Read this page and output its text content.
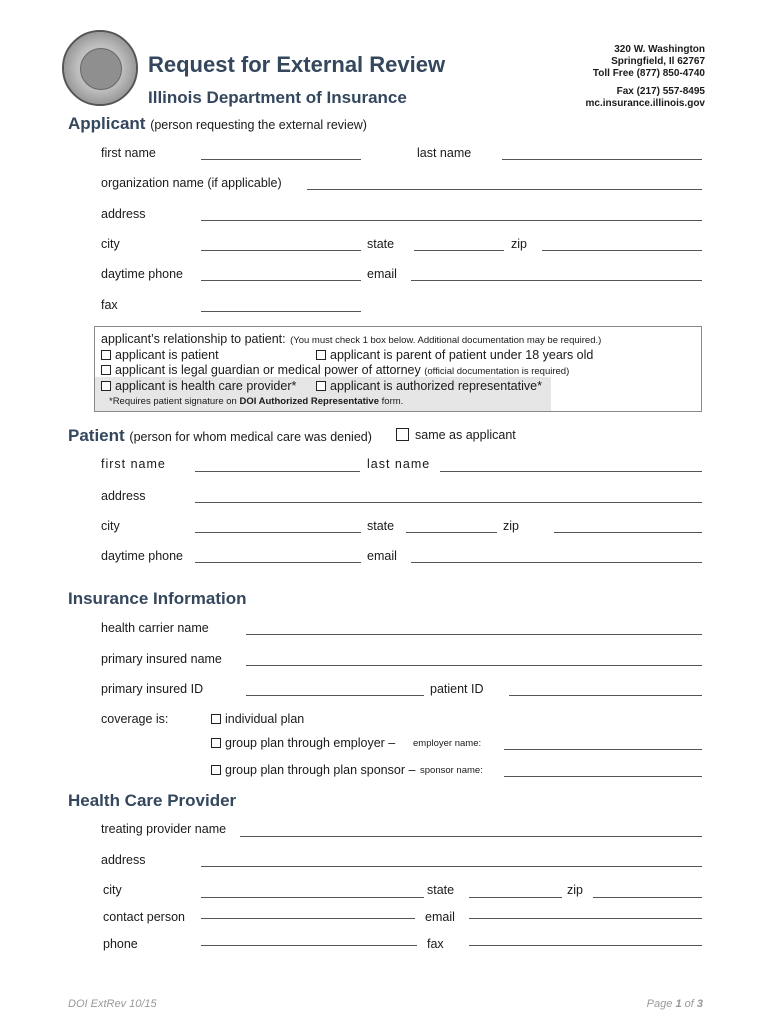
Request for External Review
Illinois Department of Insurance
320 W. Washington
Springfield, Il 62767
Toll Free (877) 850-4740
Fax (217) 557-8495
mc.insurance.illinois.gov
Applicant (person requesting the external review)
first name	last name
organization name (if applicable)
address
city	state	zip
daytime phone	email
fax
applicant’s relationship to patient: (You must check 1 box below. Additional documentation may be required.)
applicant is patient	applicant is parent of patient under 18 years old
applicant is legal guardian or medical power of attorney (official documentation is required)
applicant is health care provider*	applicant is authorized representative*
*Requires patient signature on DOI Authorized Representative form.
Patient (person for whom medical care was denied)	same as applicant
first name	last name
address
city	state	zip
daytime phone	email
Insurance Information
health carrier name
primary insured name
primary insured ID	patient ID
coverage is:	individual plan
group plan through employer – employer name:
group plan through plan sponsor – sponsor name:
Health Care Provider
treating provider name
address
city	state	zip
contact person	email
phone	fax
DOI ExtRev 10/15	Page 1 of 3
